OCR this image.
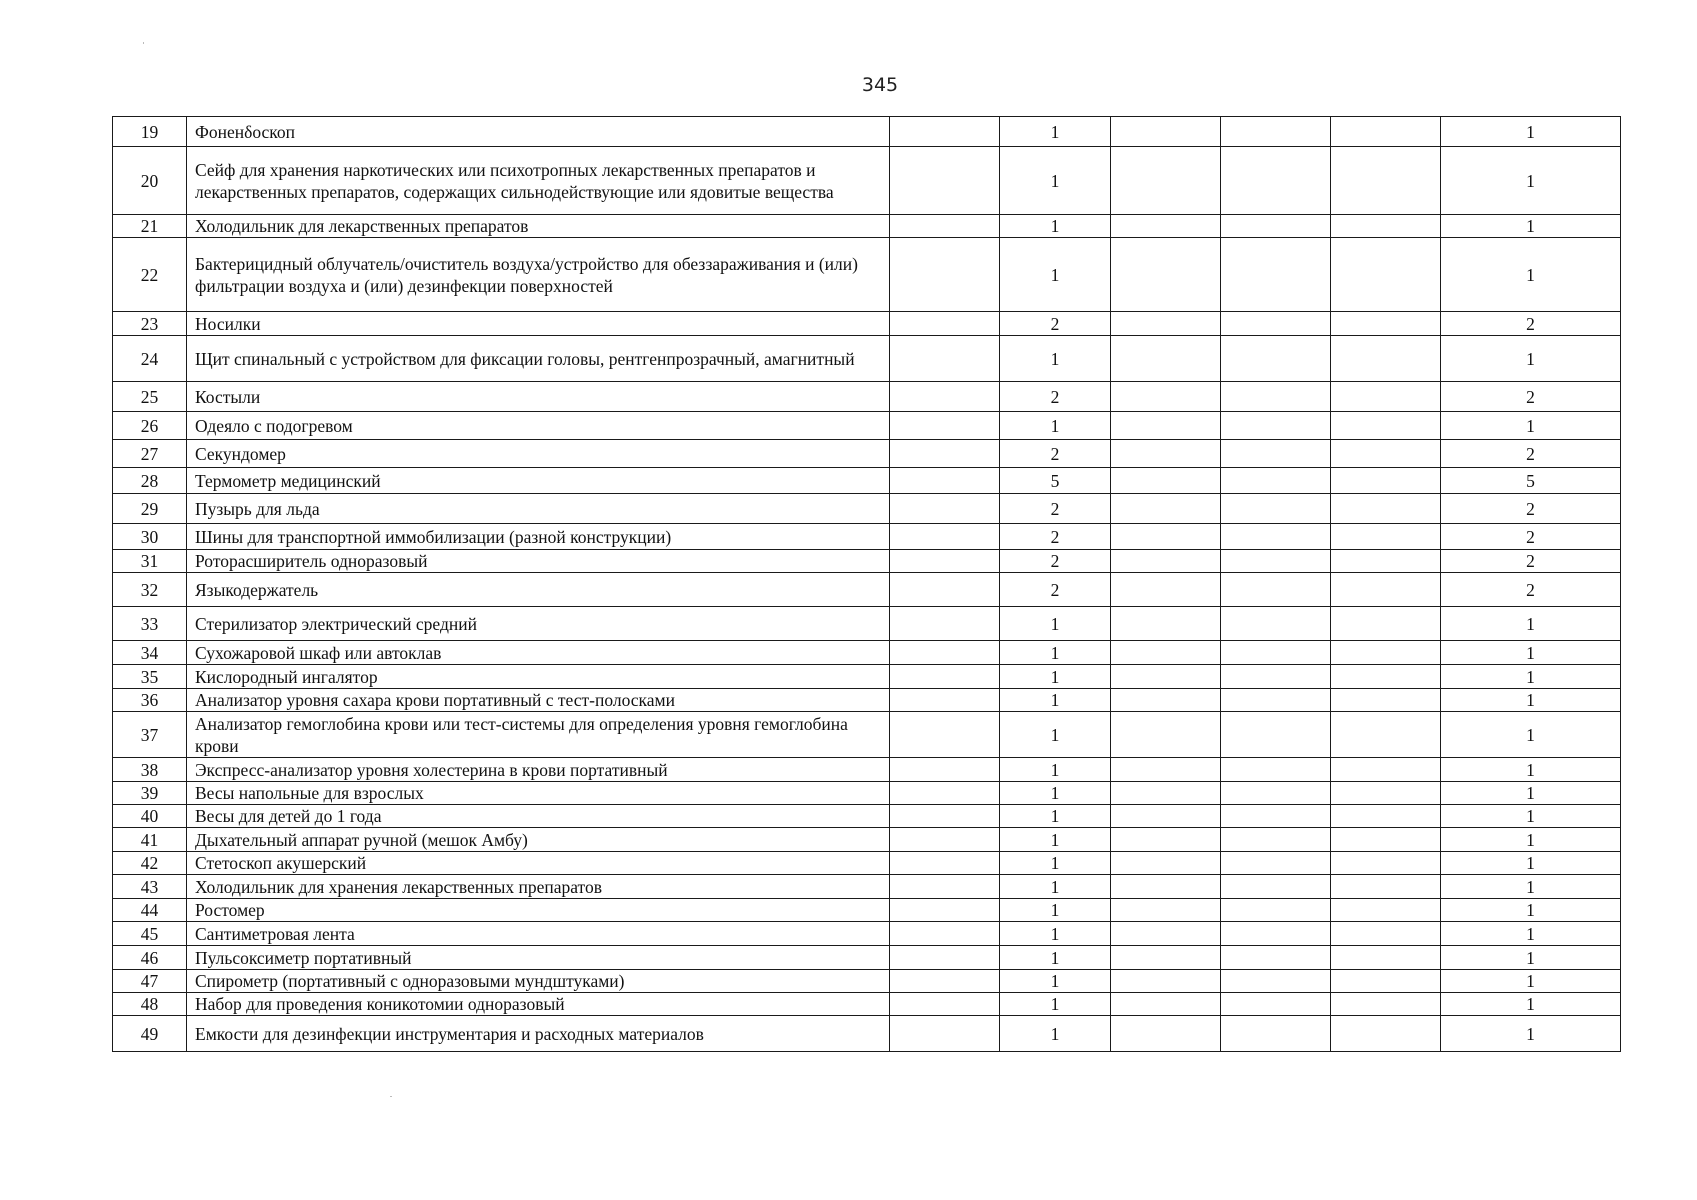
345
19	Фоненδоскоп		1				1
20	Сейф для хранения наркотических или психотропных лекарственных препаратов и лекарственных препаратов, содержащих сильнодействующие или ядовитые вещества		1				1
21	Холодильник для лекарственных препаратов		1				1
22	Бактерицидный облучатель/очиститель воздуха/устройство для обеззараживания и (или) фильтрации воздуха и (или) дезинфекции поверхностей		1				1
23	Носилки		2				2
24	Щит спинальный с устройством для фиксации головы, рентгенпрозрачный, амагнитный		1				1
25	Костыли		2				2
26	Одеяло с подогревом		1				1
27	Секундомер		2				2
28	Термометр медицинский		5				5
29	Пузырь для льда		2				2
30	Шины для транспортной иммобилизации (разной конструкции)		2				2
31	Роторасширитель одноразовый		2				2
32	Языкодержатель		2				2
33	Стерилизатор электрический средний		1				1
34	Сухожаровой шкаф или автоклав		1				1
35	Кислородный ингалятор		1				1
36	Анализатор уровня сахара крови портативный с тест-полосками		1				1
37	Анализатор гемоглобина крови или тест-системы для определения уровня гемоглобина крови		1				1
38	Экспресс-анализатор уровня холестерина в крови портативный		1				1
39	Весы напольные для взрослых		1				1
40	Весы для детей до 1 года		1				1
41	Дыхательный аппарат ручной (мешок Амбу)		1				1
42	Стетоскоп акушерский		1				1
43	Холодильник для хранения лекарственных препаратов		1				1
44	Ростомер		1				1
45	Сантиметровая лента		1				1
46	Пульсоксиметр портативный		1				1
47	Спирометр (портативный с одноразовыми мундштуками)		1				1
48	Набор для проведения коникотомии одноразовый		1				1
49	Емкости для дезинфекции инструментария и расходных материалов		1				1
